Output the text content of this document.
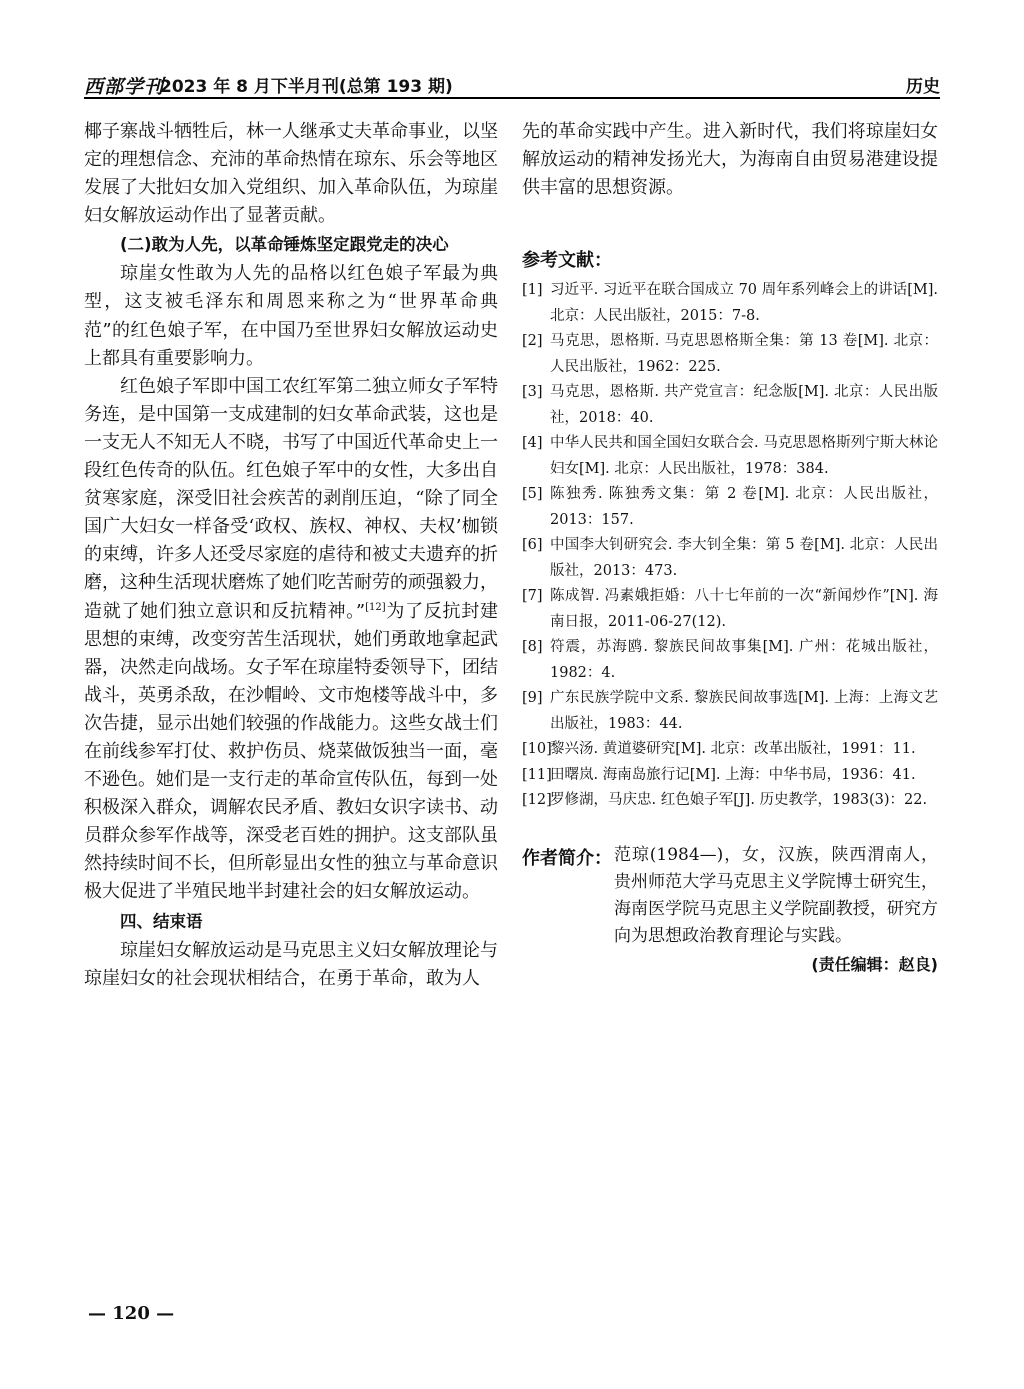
西部学刊
2023 年 8 月下半月刊(总第 193 期)	历史

椰子寨战斗牺牲后，林一人继承丈夫革命事业，以坚定的理想信念、充沛的革命热情在琼东、乐会等地区发展了大批妇女加入党组织、加入革命队伍，为琼崖妇女解放运动作出了显著贡献。

(二)敢为人先，以革命锤炼坚定跟党走的决心

琼崖女性敢为人先的品格以红色娘子军最为典型，这支被毛泽东和周恩来称之为“世界革命典范”的红色娘子军，在中国乃至世界妇女解放运动史上都具有重要影响力。

红色娘子军即中国工农红军第二独立师女子军特务连，是中国第一支成建制的妇女革命武装，这也是一支无人不知无人不晓，书写了中国近代革命史上一段红色传奇的队伍。红色娘子军中的女性，大多出自贫寒家庭，深受旧社会疾苦的剥削压迫，“除了同全国广大妇女一样备受‘政权、族权、神权、夫权’枷锁的束缚，许多人还受尽家庭的虐待和被丈夫遗弃的折磨，这种生活现状磨炼了她们吃苦耐劳的顽强毅力，造就了她们独立意识和反抗精神。”[12]为了反抗封建思想的束缚，改变穷苦生活现状，她们勇敢地拿起武器，决然走向战场。女子军在琼崖特委领导下，团结战斗，英勇杀敌，在沙帽岭、文市炮楼等战斗中，多次告捷，显示出她们较强的作战能力。这些女战士们在前线参军打仗、救护伤员、烧菜做饭独当一面，毫不逊色。她们是一支行走的革命宣传队伍，每到一处积极深入群众，调解农民矛盾、教妇女识字读书、动员群众参军作战等，深受老百姓的拥护。这支部队虽然持续时间不长，但所彰显出女性的独立与革命意识极大促进了半殖民地半封建社会的妇女解放运动。

四、结束语

琼崖妇女解放运动是马克思主义妇女解放理论与琼崖妇女的社会现状相结合，在勇于革命，敢为人

先的革命实践中产生。进入新时代，我们将琼崖妇女解放运动的精神发扬光大，为海南自由贸易港建设提供丰富的思想资源。

参考文献：
[1] 习近平. 习近平在联合国成立 70 周年系列峰会上的讲话[M]. 北京：人民出版社，2015：7-8.
[2] 马克思，恩格斯. 马克思恩格斯全集：第 13 卷[M]. 北京：人民出版社，1962：225.
[3] 马克思，恩格斯. 共产党宣言：纪念版[M]. 北京：人民出版社，2018：40.
[4] 中华人民共和国全国妇女联合会. 马克思恩格斯列宁斯大林论妇女[M]. 北京：人民出版社，1978：384.
[5] 陈独秀. 陈独秀文集：第 2 卷[M]. 北京：人民出版社，2013：157.
[6] 中国李大钊研究会. 李大钊全集：第 5 卷[M]. 北京：人民出版社，2013：473.
[7] 陈成智. 冯素娥拒婚：八十七年前的一次“新闻炒作”[N]. 海南日报，2011-06-27(12).
[8] 符震，苏海鸥. 黎族民间故事集[M]. 广州：花城出版社，1982：4.
[9] 广东民族学院中文系. 黎族民间故事选[M]. 上海：上海文艺出版社，1983：44.
[10]
黎兴汤. 黄道婆研究[M]. 北京：改革出版社，1991：11.
[11]
田曙岚. 海南岛旅行记[M]. 上海：中华书局，1936：41.
[12]
罗修湖，马庆忠. 红色娘子军[J]. 历史教学，1983(3)：22.
作者简介： 范琼(1984—)，女，汉族，陕西渭南人，贵州师范大学马克思主义学院博士研究生，海南医学院马克思主义学院副教授，研究方向为思想政治教育理论与实践。
(责任编辑：赵良)
— 120 —
